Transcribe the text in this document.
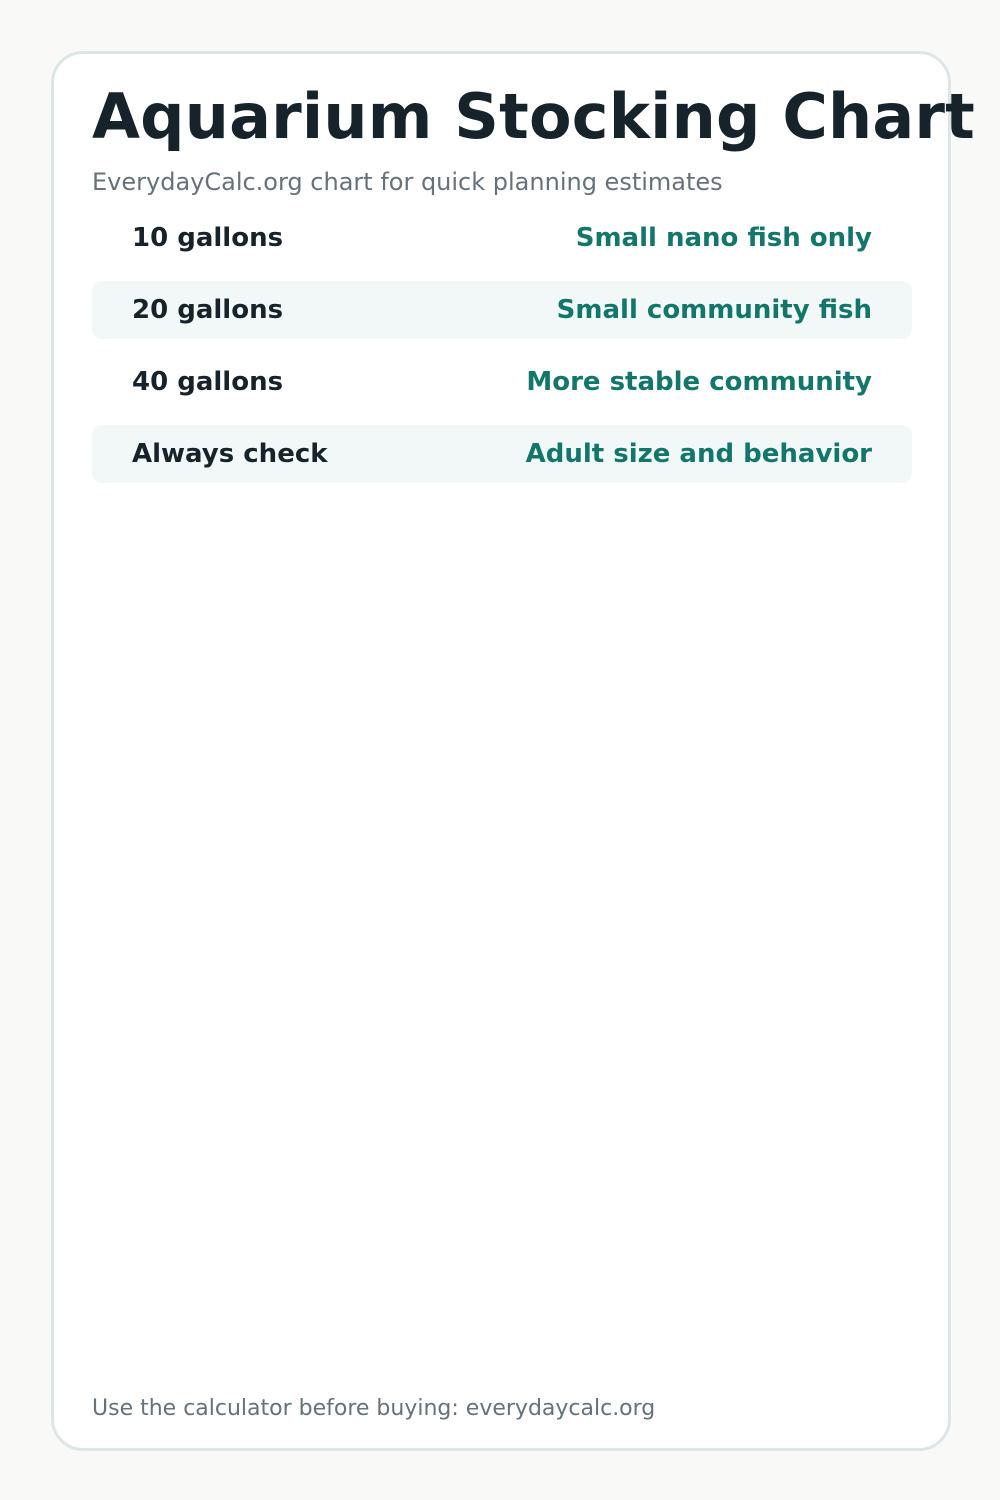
Aquarium Stocking Chart

EverydayCalc.org chart for quick planning estimates

10 gallons	Small nano fish only
20 gallons	Small community fish
40 gallons	More stable community
Always check	Adult size and behavior

Use the calculator before buying: everydaycalc.org
